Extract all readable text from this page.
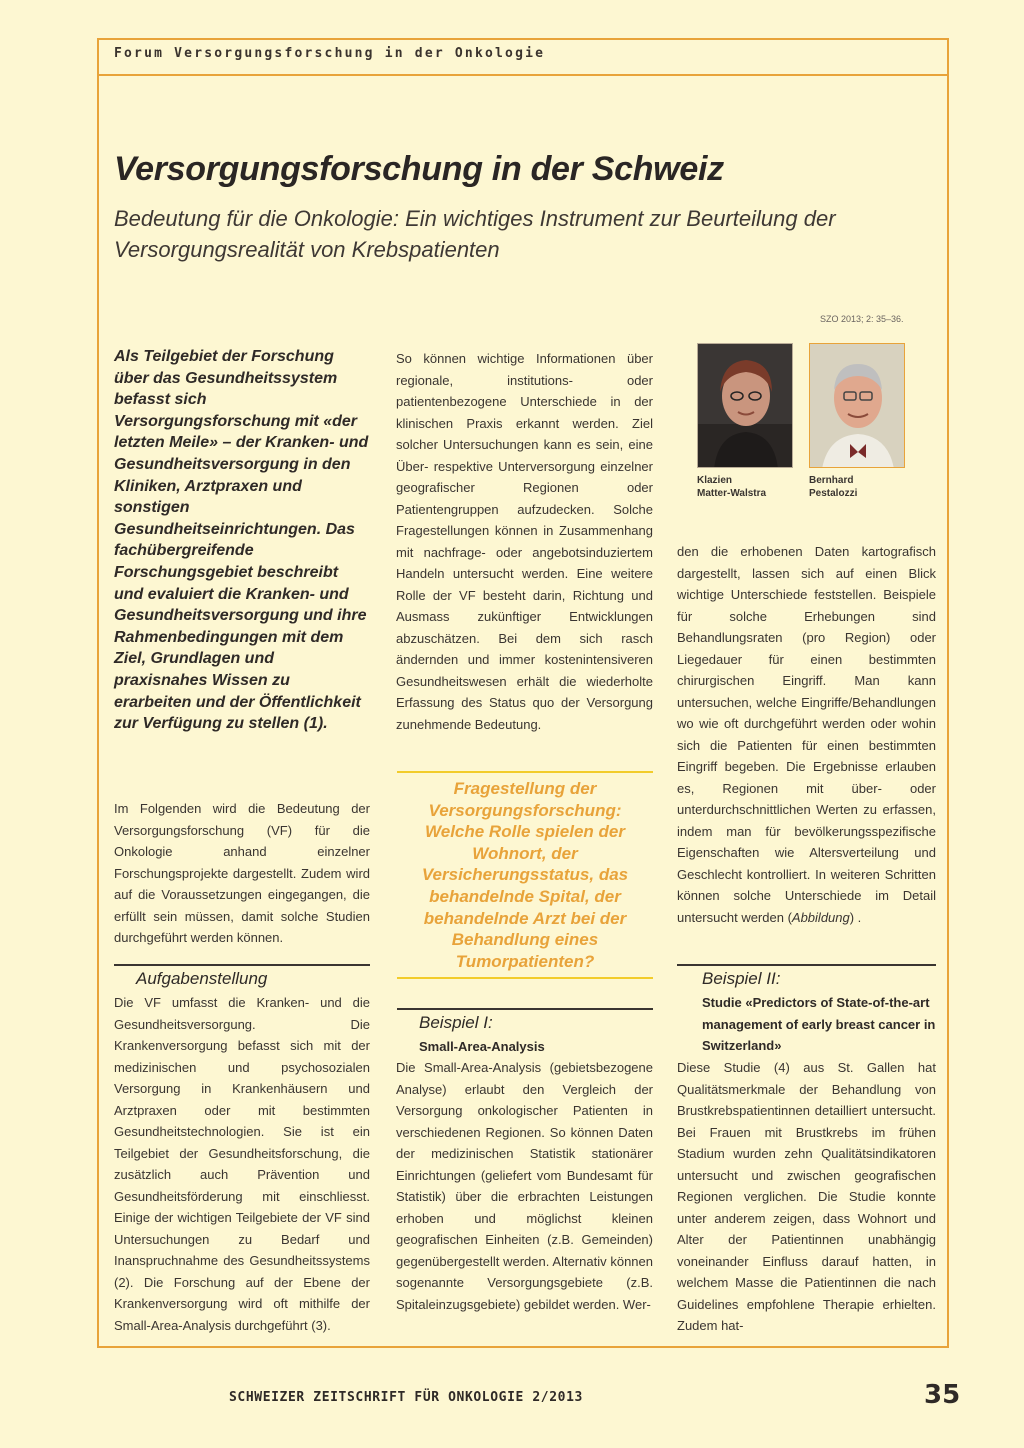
Forum Versorgungsforschung in der Onkologie
Versorgungsforschung in der Schweiz
Bedeutung für die Onkologie: Ein wichtiges Instrument zur Beurteilung der Versorgungsrealität von Krebspatienten
SZO 2013; 2: 35–36.
Als Teilgebiet der Forschung über das Gesundheitssystem befasst sich Versorgungsforschung mit «der letzten Meile» – der Kranken- und Gesundheitsversorgung in den Kliniken, Arztpraxen und sonstigen Gesundheitseinrichtungen. Das fachübergreifende Forschungsgebiet beschreibt und evaluiert die Kranken- und Gesundheitsversorgung und ihre Rahmenbedingungen mit dem Ziel, Grundlagen und praxisnahes Wissen zu erarbeiten und der Öffentlichkeit zur Verfügung zu stellen (1).

Im Folgenden wird die Bedeutung der Versorgungsforschung (VF) für die Onkologie anhand einzelner Forschungsprojekte dargestellt. Zudem wird auf die Voraussetzungen eingegangen, die erfüllt sein müssen, damit solche Studien durchgeführt werden können.

Aufgabenstellung

Die VF umfasst die Kranken- und die Gesundheitsversorgung. Die Krankenversorgung befasst sich mit der medizinischen und psychosozialen Versorgung in Krankenhäusern und Arztpraxen oder mit bestimmten Gesundheitstechnologien. Sie ist ein Teilgebiet der Gesundheitsforschung, die zusätzlich auch Prävention und Gesundheitsförderung mit einschliesst. Einige der wichtigen Teilgebiete der VF sind Untersuchungen zu Bedarf und Inanspruchnahme des Gesundheitssystems (2). Die Forschung auf der Ebene der Krankenversorgung wird oft mithilfe der Small-Area-Analysis durchgeführt (3).

So können wichtige Informationen über regionale, institutions- oder patientenbezogene Unterschiede in der klinischen Praxis erkannt werden. Ziel solcher Untersuchungen kann es sein, eine Über- respektive Unterversorgung einzelner geografischer Regionen oder Patientengruppen aufzudecken. Solche Fragestellungen können in Zusammenhang mit nachfrage- oder angebotsinduziertem Handeln untersucht werden. Eine weitere Rolle der VF besteht darin, Richtung und Ausmass zukünftiger Entwicklungen abzuschätzen. Bei dem sich rasch ändernden und immer kostenintensiveren Gesundheitswesen erhält die wiederholte Erfassung des Status quo der Versorgung zunehmende Bedeutung.

Fragestellung der Versorgungsforschung: Welche Rolle spielen der Wohnort, der Versicherungsstatus, das behandelnde Spital, der behandelnde Arzt bei der Behandlung eines Tumorpatienten?
Beispiel I:
Small-Area-Analysis

Die Small-Area-Analysis (gebietsbezogene Analyse) erlaubt den Vergleich der Versorgung onkologischer Patienten in verschiedenen Regionen. So können Daten der medizinischen Statistik stationärer Einrichtungen (geliefert vom Bundesamt für Statistik) über die erbrachten Leistungen erhoben und möglichst kleinen geografischen Einheiten (z.B. Gemeinden) gegenübergestellt werden. Alternativ können sogenannte Versorgungsgebiete (z.B. Spitaleinzugsgebiete) gebildet werden. Wer-

Klazien
Matter-Walstra
Bernhard
Pestalozzi

den die erhobenen Daten kartografisch dargestellt, lassen sich auf einen Blick wichtige Unterschiede feststellen. Beispiele für solche Erhebungen sind Behandlungsraten (pro Region) oder Liegedauer für einen bestimmten chirurgischen Eingriff. Man kann untersuchen, welche Eingriffe/Behandlungen wo wie oft durchgeführt werden oder wohin sich die Patienten für einen bestimmten Eingriff begeben. Die Ergebnisse erlauben es, Regionen mit über- oder unterdurchschnittlichen Werten zu erfassen, indem man für bevölkerungsspezifische Eigenschaften wie Altersverteilung und Geschlecht kontrolliert. In weiteren Schritten können solche Unterschiede im Detail untersucht werden (Abbildung) .

Beispiel II:
Studie «Predictors of State-of-the-art management of early breast cancer in Switzerland»

Diese Studie (4) aus St. Gallen hat Qualitätsmerkmale der Behandlung von Brustkrebspatientinnen detailliert untersucht. Bei Frauen mit Brustkrebs im frühen Stadium wurden zehn Qualitätsindikatoren untersucht und zwischen geografischen Regionen verglichen. Die Studie konnte unter anderem zeigen, dass Wohnort und Alter der Patientinnen unabhängig voneinander Einfluss darauf hatten, in welchem Masse die Patientinnen die nach Guidelines empfohlene Therapie erhielten. Zudem hat-

SCHWEIZER ZEITSCHRIFT FÜR ONKOLOGIE 2/2013	35
